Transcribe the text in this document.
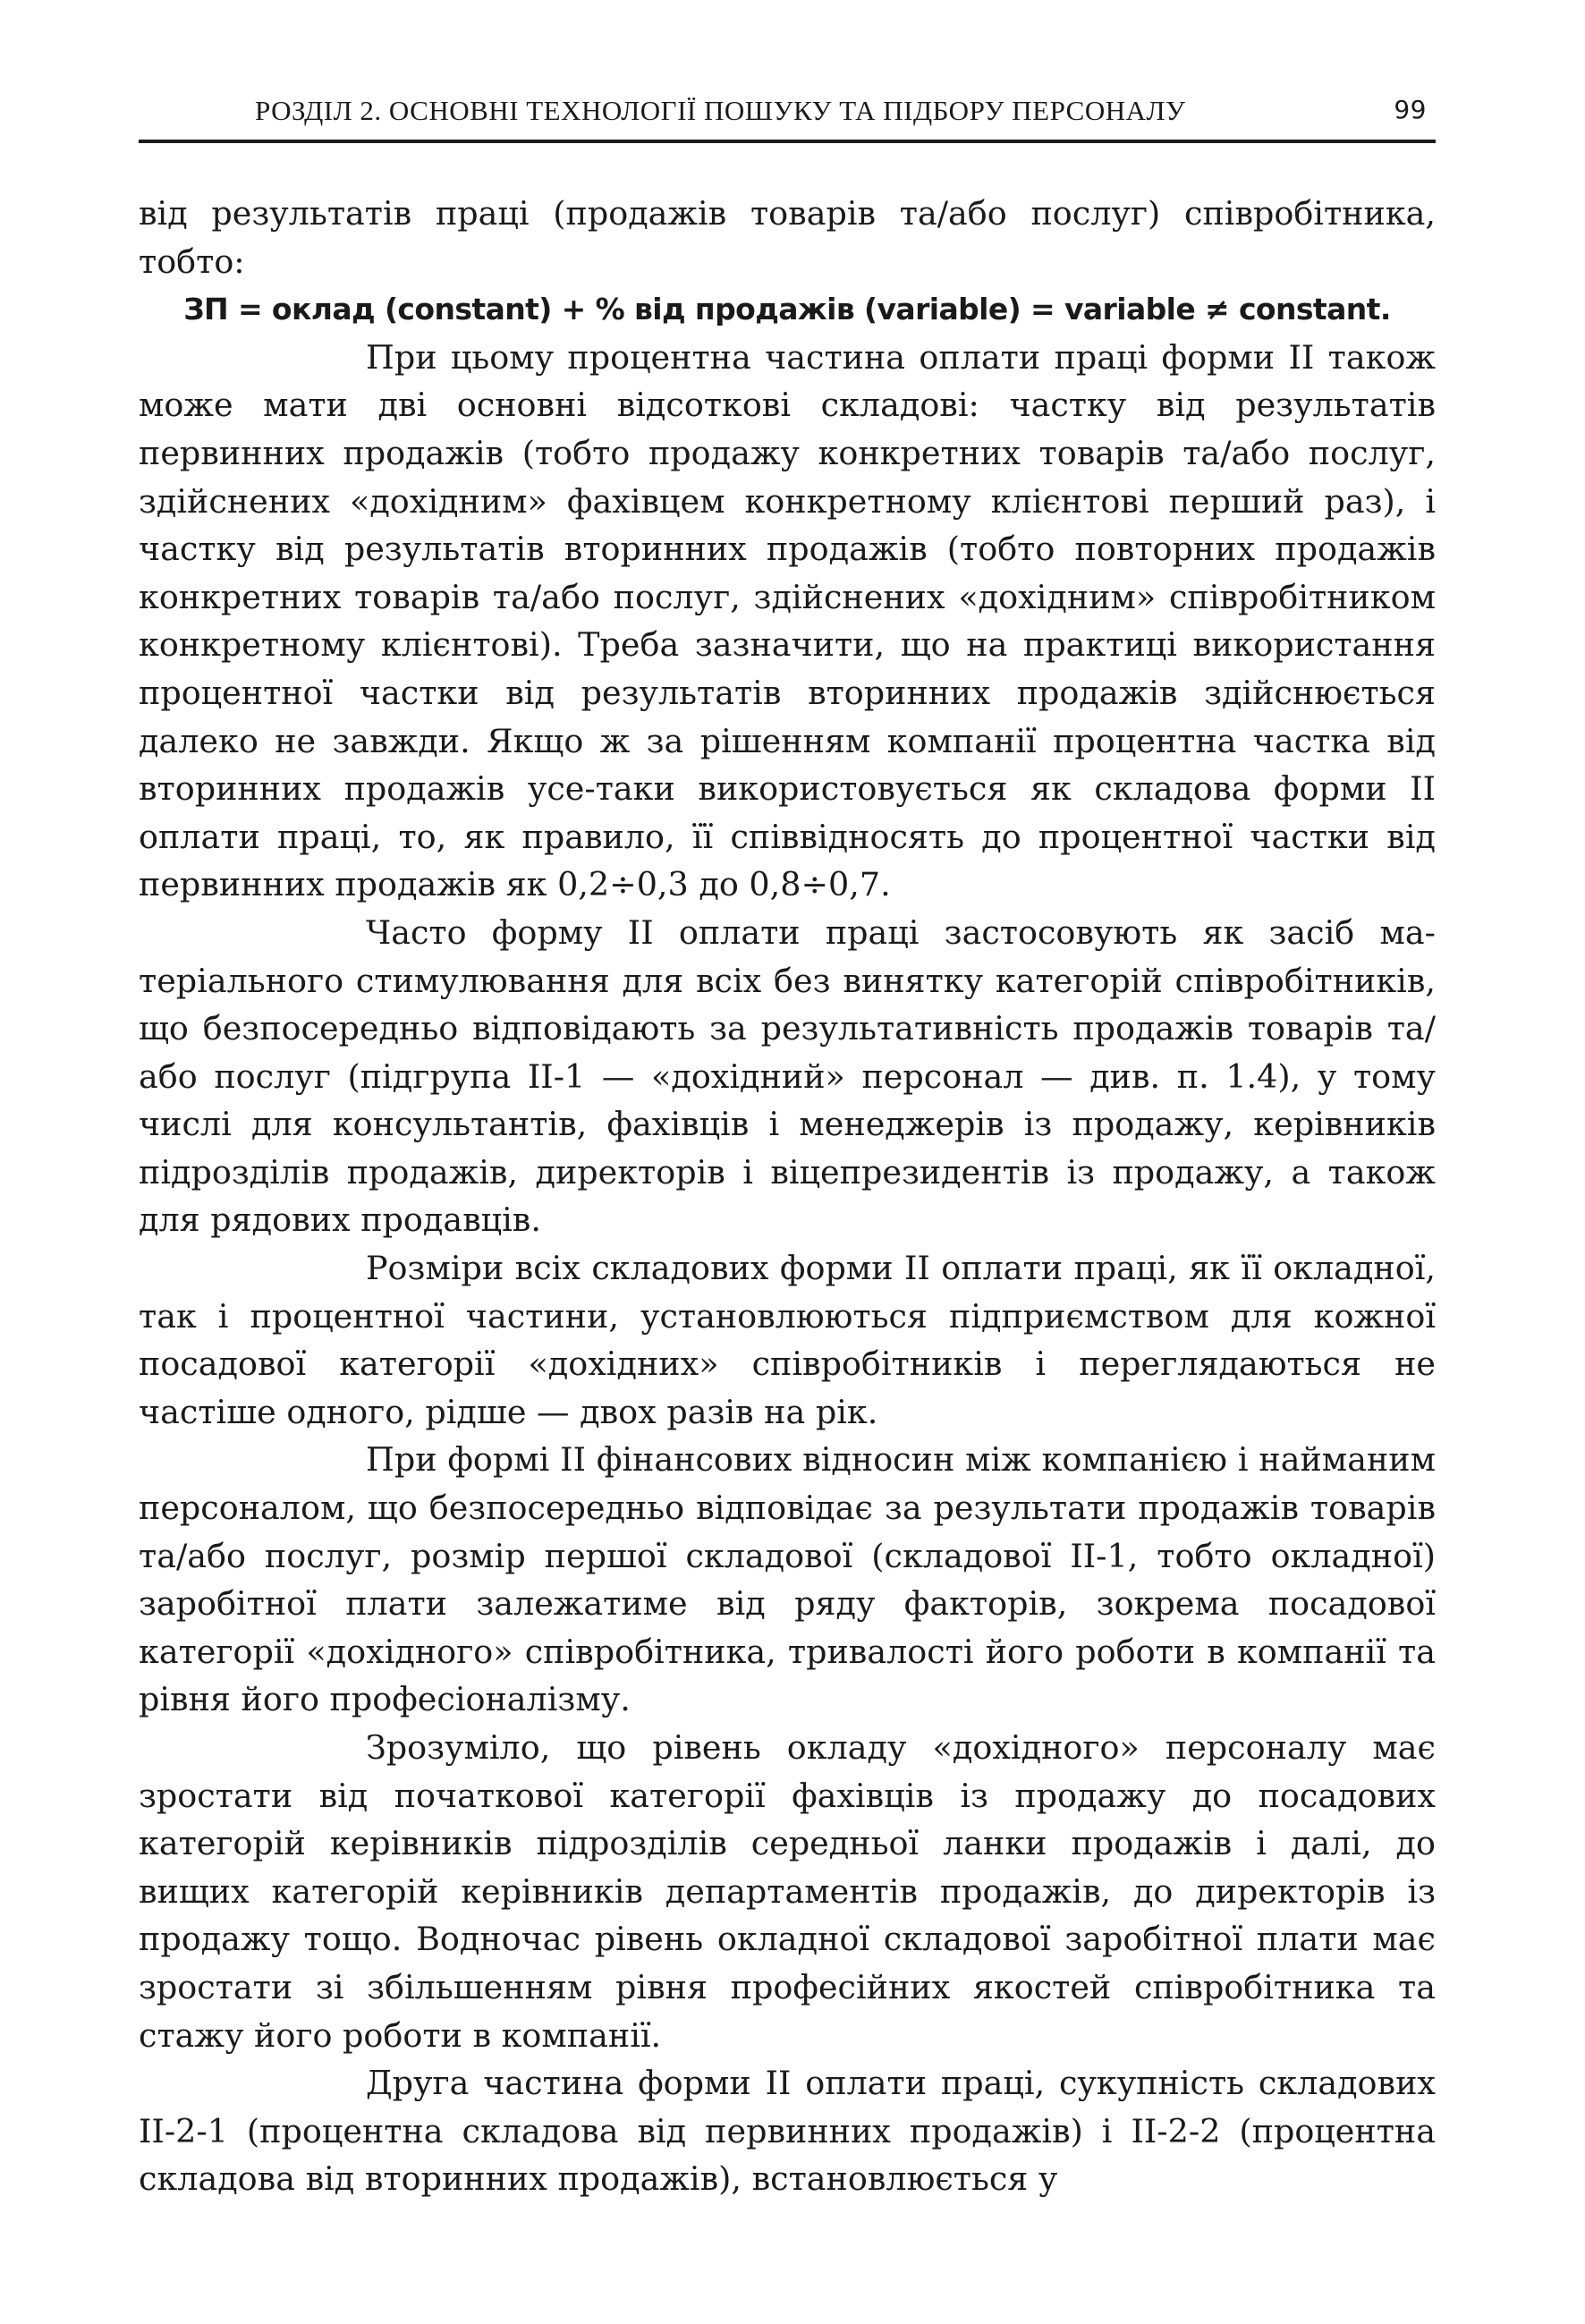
РОЗДІЛ 2. ОСНОВНІ ТЕХНОЛОГІЇ ПОШУКУ ТА ПІДБОРУ ПЕРСОНАЛУ	99

від результатів праці (продажів товарів та/або послуг) співробітника, тобто:

ЗП = оклад (constant) + % від продажів (variable) = variable ≠ constant.

При цьому процентна частина оплати праці форми ІІ також може мати дві основні відсоткові складові: частку від результатів первинних продажів (тобто продажу конкретних товарів та/або послуг, здійснених «дохідним» фахівцем конкретному клієнтові перший раз), і частку від результатів вторинних продажів (тобто повторних продажів конкретних товарів та/або послуг, здійснених «дохідним» співробітником конкретному клієнтові). Треба зазначити, що на практиці використання процентної частки від результатів вторинних продажів здійснюється далеко не завжди. Якщо ж за рішенням компанії процентна частка від вторинних продажів усе-таки використовується як складова форми ІІ оплати праці, то, як правило, її співвідносять до процентної частки від первинних продажів як 0,2÷0,3 до 0,8÷0,7.

Часто форму ІІ оплати праці застосовують як засіб матеріального стимулювання для всіх без винятку категорій співробітників, що безпосередньо відповідають за результативність продажів товарів та/або послуг (підгрупа ІІ-1 — «дохідний» персонал — див. п. 1.4), у тому числі для консультантів, фахівців і менеджерів із продажу, керівників підрозділів продажів, директорів і віцепрезидентів із продажу, а також для рядових продавців.

Розміри всіх складових форми ІІ оплати праці, як її окладної, так і процентної частини, установлюються підприємством для кожної посадової категорії «дохідних» співробітників і переглядаються не частіше одного, рідше — двох разів на рік.

При формі ІІ фінансових відносин між компанією і найманим персоналом, що безпосередньо відповідає за результати продажів товарів та/або послуг, розмір першої складової (складової ІІ-1, тобто окладної) заробітної плати залежатиме від ряду факторів, зокрема посадової категорії «дохідного» співробітника, тривалості його роботи в компанії та рівня його професіоналізму.

Зрозуміло, що рівень окладу «дохідного» персоналу має зростати від початкової категорії фахівців із продажу до посадових категорій керівників підрозділів середньої ланки продажів і далі, до вищих категорій керівників департаментів продажів, до директорів із продажу тощо. Водночас рівень окладної складової заробітної плати має зростати зі збільшенням рівня професійних якостей співробітника та стажу його роботи в компанії.

Друга частина форми ІІ оплати праці, сукупність складових ІІ-2-1 (процентна складова від первинних продажів) і ІІ-2-2 (процентна складова від вторинних продажів), встановлюється у
